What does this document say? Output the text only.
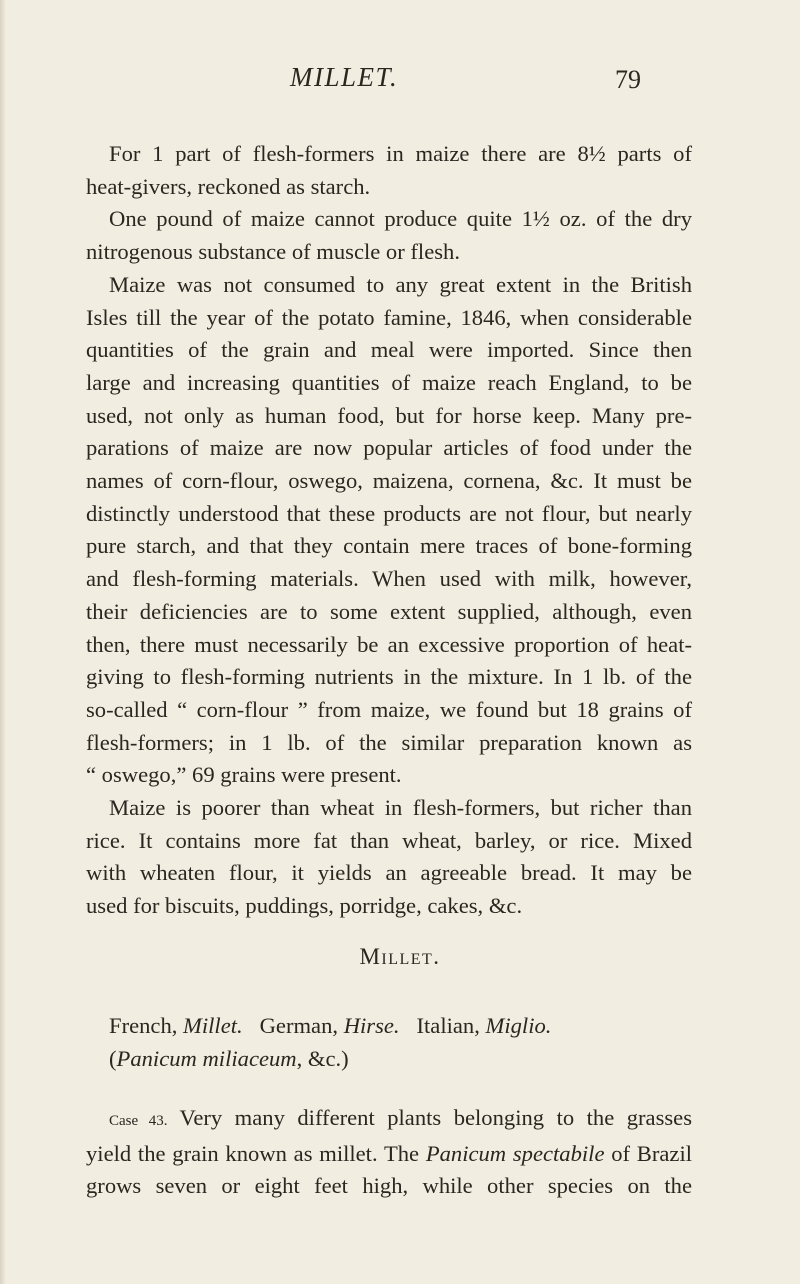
MILLET.	79
For 1 part of flesh-formers in maize there are 8½ parts of
heat-givers, reckoned as starch.
One pound of maize cannot produce quite 1½ oz. of the dry
nitrogenous substance of muscle or flesh.
Maize was not consumed to any great extent in the British
Isles till the year of the potato famine, 1846, when considerable
quantities of the grain and meal were imported. Since then
large and increasing quantities of maize reach England, to be
used, not only as human food, but for horse keep. Many pre-
parations of maize are now popular articles of food under the
names of corn-flour, oswego, maizena, cornena, &c. It must be
distinctly understood that these products are not flour, but nearly
pure starch, and that they contain mere traces of bone-forming
and flesh-forming materials. When used with milk, however,
their deficiencies are to some extent supplied, although, even
then, there must necessarily be an excessive proportion of heat-
giving to flesh-forming nutrients in the mixture. In 1 lb. of the
so-called “ corn-flour ” from maize, we found but 18 grains of
flesh-formers; in 1 lb. of the similar preparation known as
“ oswego,” 69 grains were present.
Maize is poorer than wheat in flesh-formers, but richer than
rice. It contains more fat than wheat, barley, or rice. Mixed
with wheaten flour, it yields an agreeable bread. It may be
used for biscuits, puddings, porridge, cakes, &c.
Millet.
French, Millet. German, Hirse. Italian, Miglio.
(Panicum miliaceum, &c.)
Case 43. Very many different plants belonging to the grasses
yield the grain known as millet. The Panicum spectabile of Brazil
grows seven or eight feet high, while other species on the
